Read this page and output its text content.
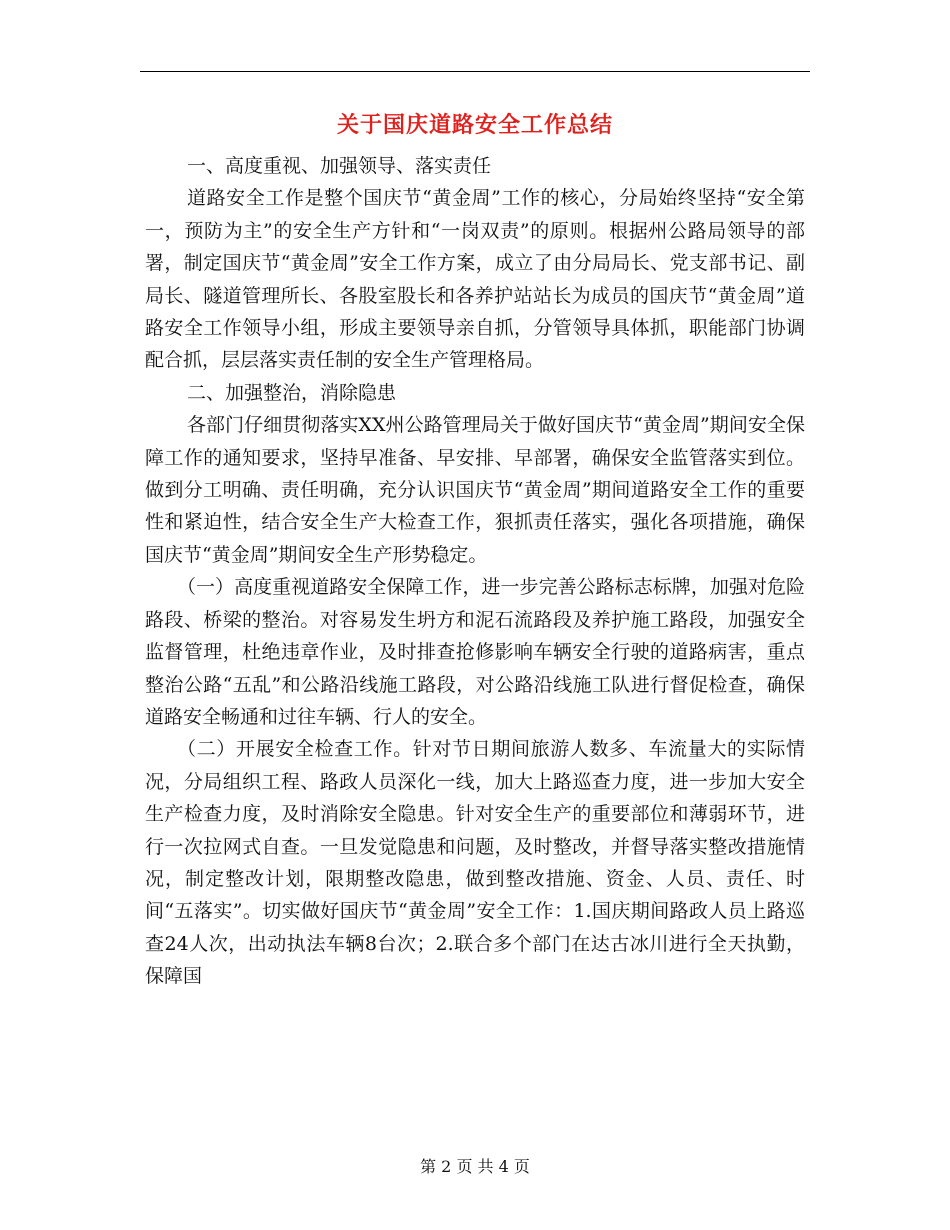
关于国庆道路安全工作总结

一、高度重视、加强领导、落实责任

道路安全工作是整个国庆节“黄金周”工作的核心，分局始终坚持“安全第一，预防为主”的安全生产方针和“一岗双责”的原则。根据州公路局领导的部署，制定国庆节“黄金周”安全工作方案，成立了由分局局长、党支部书记、副局长、隧道管理所长、各股室股长和各养护站站长为成员的国庆节“黄金周”道路安全工作领导小组，形成主要领导亲自抓，分管领导具体抓，职能部门协调配合抓，层层落实责任制的安全生产管理格局。

二、加强整治，消除隐患

各部门仔细贯彻落实XX州公路管理局关于做好国庆节“黄金周”期间安全保障工作的通知要求，坚持早准备、早安排、早部署，确保安全监管落实到位。做到分工明确、责任明确，充分认识国庆节“黄金周”期间道路安全工作的重要性和紧迫性，结合安全生产大检查工作，狠抓责任落实，强化各项措施，确保国庆节“黄金周”期间安全生产形势稳定。

（一）高度重视道路安全保障工作，进一步完善公路标志标牌，加强对危险路段、桥梁的整治。对容易发生坍方和泥石流路段及养护施工路段，加强安全监督管理，杜绝违章作业，及时排查抢修影响车辆安全行驶的道路病害，重点整治公路“五乱”和公路沿线施工路段，对公路沿线施工队进行督促检查，确保道路安全畅通和过往车辆、行人的安全。

（二）开展安全检查工作。针对节日期间旅游人数多、车流量大的实际情况，分局组织工程、路政人员深化一线，加大上路巡查力度，进一步加大安全生产检查力度，及时消除安全隐患。针对安全生产的重要部位和薄弱环节，进行一次拉网式自查。一旦发觉隐患和问题，及时整改，并督导落实整改措施情况，制定整改计划，限期整改隐患，做到整改措施、资金、人员、责任、时间“五落实”。切实做好国庆节“黄金周”安全工作：1.国庆期间路政人员上路巡查24人次，出动执法车辆8台次；2.联合多个部门在达古冰川进行全天执勤，保障国

第 2 页 共 4 页
